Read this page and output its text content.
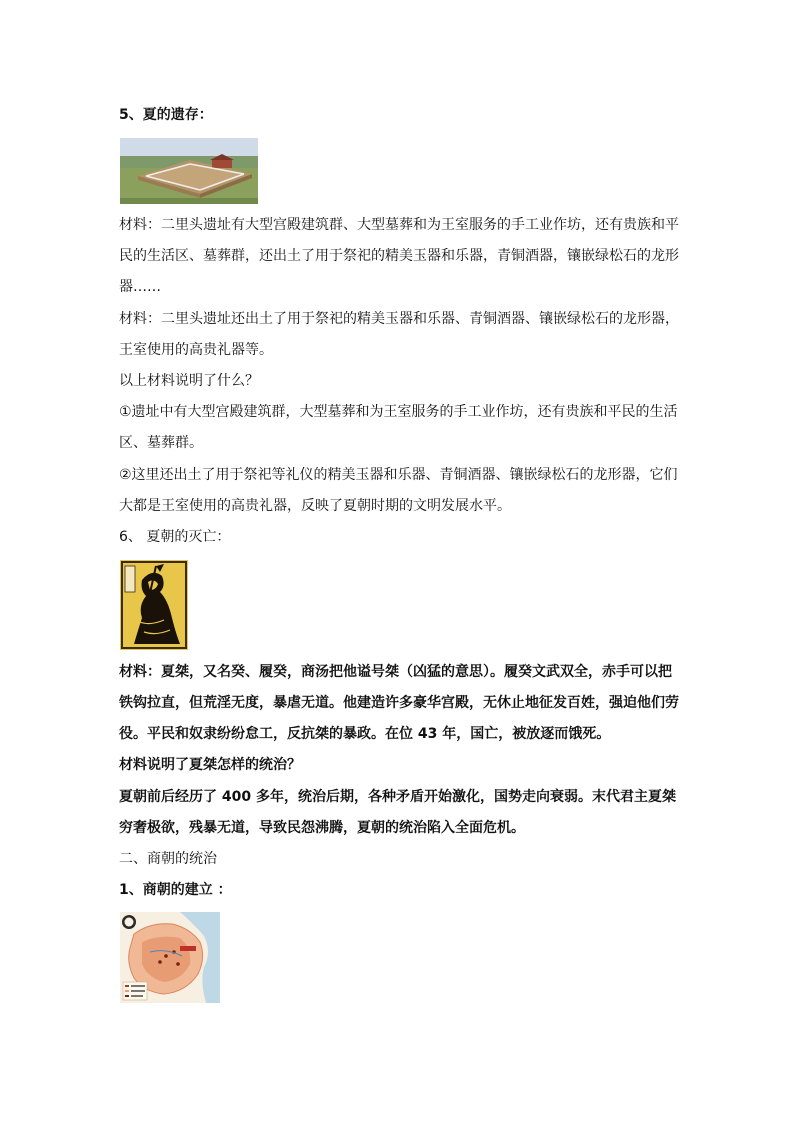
5、夏的遗存：

材料：二里头遗址有大型宫殿建筑群、大型墓葬和为王室服务的手工业作坊，还有贵族和平民的生活区、墓葬群，还出土了用于祭祀的精美玉器和乐器，青铜酒器，镶嵌绿松石的龙形器……

材料：二里头遗址还出土了用于祭祀的精美玉器和乐器、青铜酒器、镶嵌绿松石的龙形器，王室使用的高贵礼器等。

以上材料说明了什么？

①遗址中有大型宫殿建筑群，大型墓葬和为王室服务的手工业作坊，还有贵族和平民的生活区、墓葬群。

②这里还出土了用于祭祀等礼仪的精美玉器和乐器、青铜酒器、镶嵌绿松石的龙形器，它们大都是王室使用的高贵礼器，反映了夏朝时期的文明发展水平。

6、 夏朝的灭亡：

材料：夏桀，又名癸、履癸，商汤把他谥号桀（凶猛的意思）。履癸文武双全，赤手可以把铁钩拉直，但荒淫无度，暴虐无道。他建造许多豪华宫殿，无休止地征发百姓，强迫他们劳役。平民和奴隶纷纷怠工，反抗桀的暴政。在位 43 年，国亡，被放逐而饿死。

材料说明了夏桀怎样的统治？

夏朝前后经历了 400 多年，统治后期，各种矛盾开始激化，国势走向衰弱。末代君主夏桀穷奢极欲，残暴无道，导致民怨沸腾，夏朝的统治陷入全面危机。

二、商朝的统治

1、商朝的建立 ：
